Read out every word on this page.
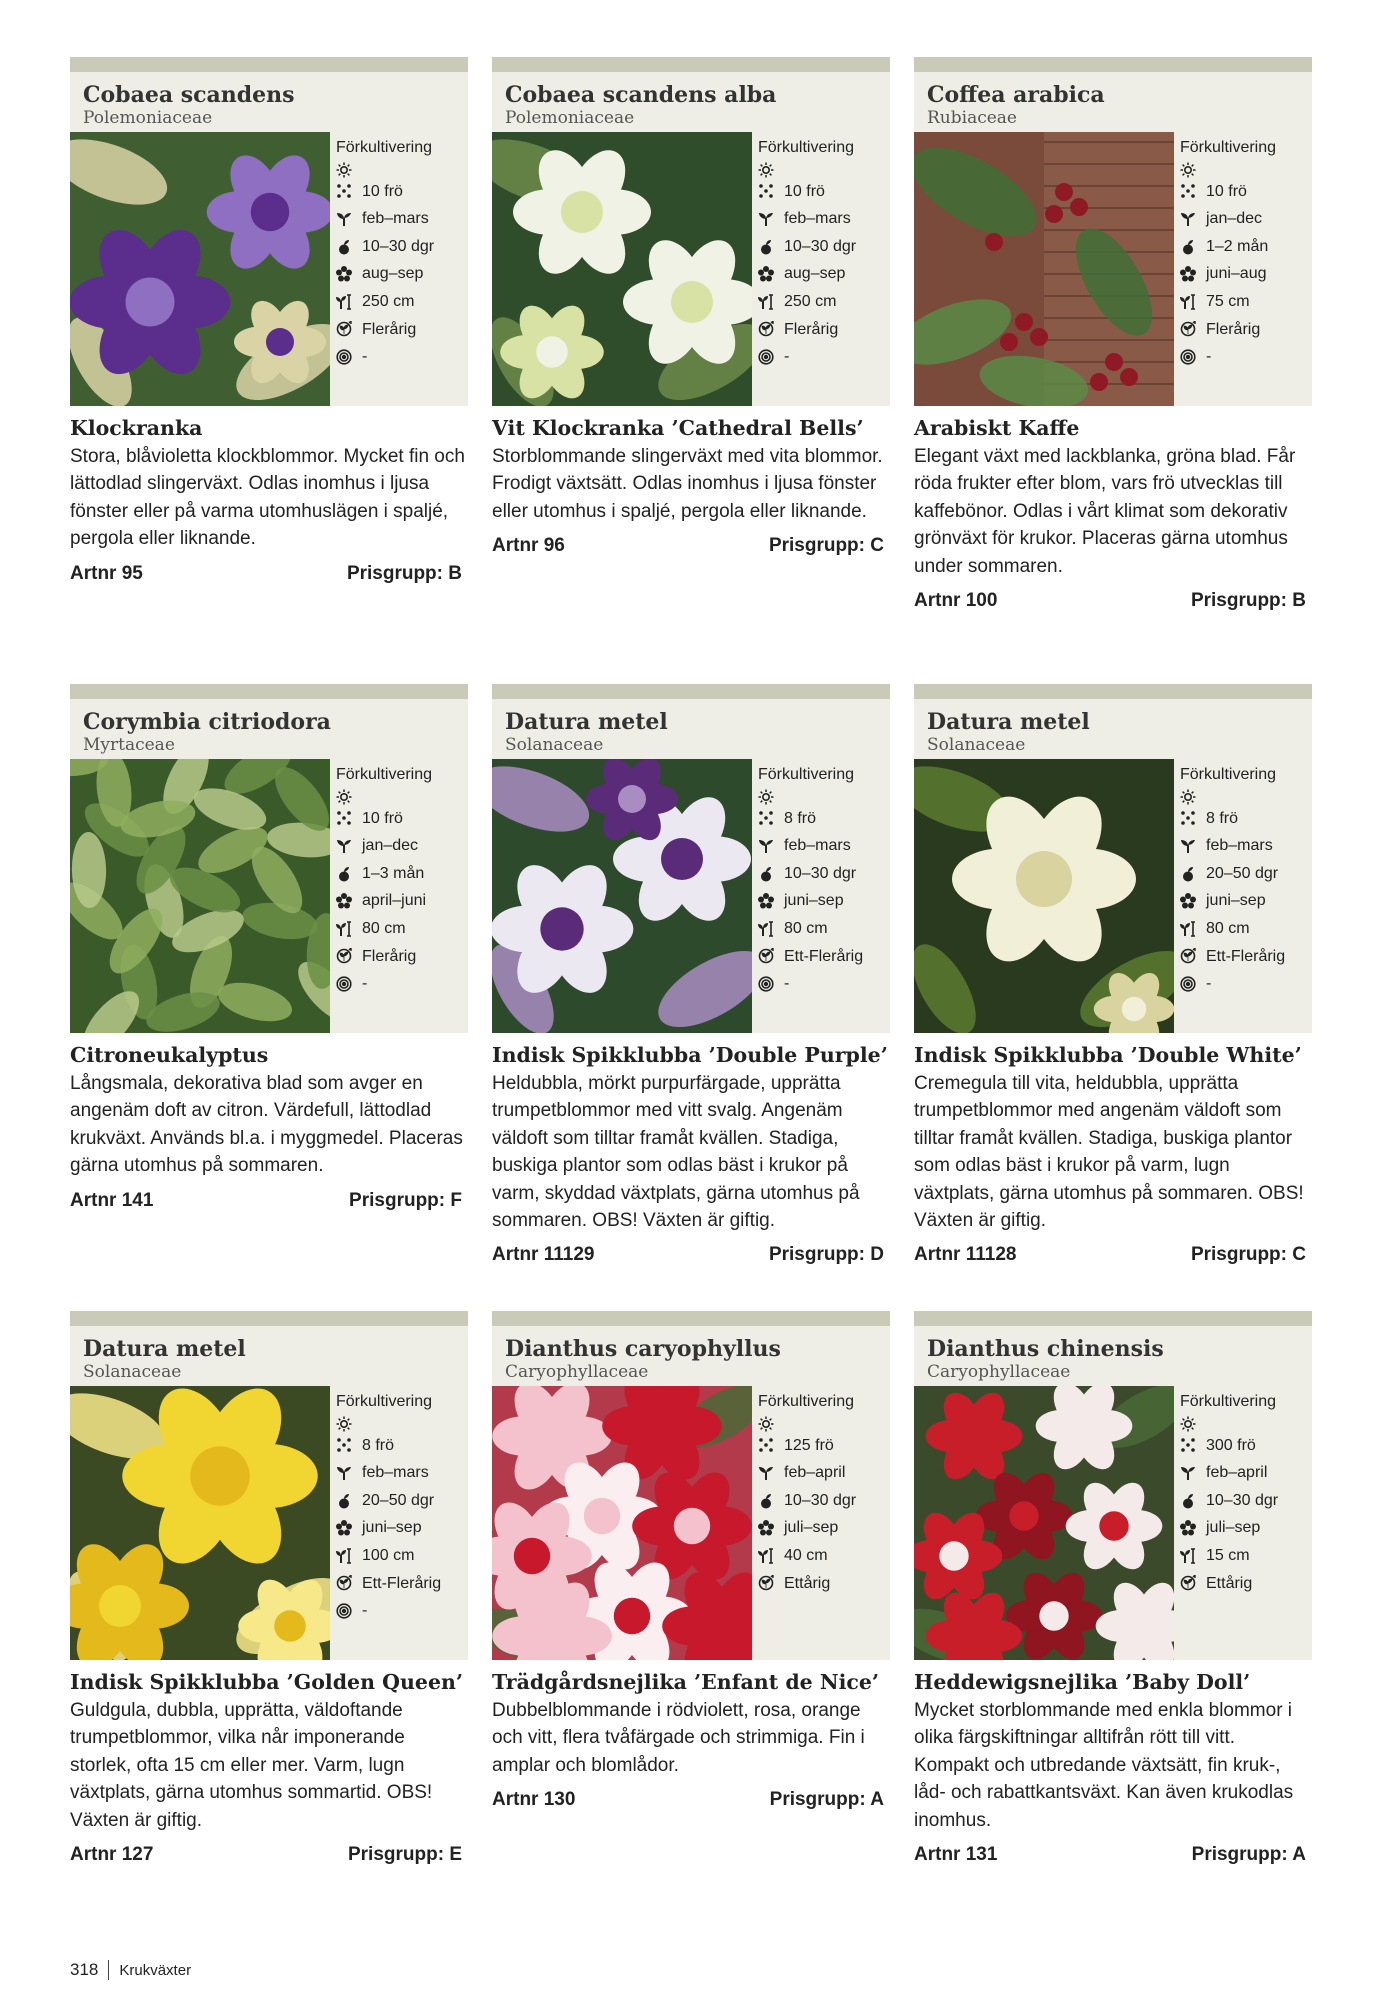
Cobaea scandens
Polemoniaceae
Förkultivering
10 frö
feb–mars
10–30 dgr
aug–sep
250 cm
Flerårig
-
Klockranka
Stora, blåvioletta klockblommor. Mycket fin och lättodlad slingerväxt. Odlas inomhus i ljusa fönster eller på varma utomhuslägen i spaljé, pergola eller liknande.
Artnr 95	Prisgrupp: B
Cobaea scandens alba
Polemoniaceae
Förkultivering
10 frö
feb–mars
10–30 dgr
aug–sep
250 cm
Flerårig
-
Vit Klockranka ’Cathedral Bells’
Storblommande slingerväxt med vita blommor. Frodigt växtsätt. Odlas inomhus i ljusa fönster eller utomhus i spaljé, pergola eller liknande.
Artnr 96	Prisgrupp: C
Coffea arabica
Rubiaceae
Förkultivering
10 frö
jan–dec
1–2 mån
juni–aug
75 cm
Flerårig
-
Arabiskt Kaffe
Elegant växt med lackblanka, gröna blad. Får röda frukter efter blom, vars frö utvecklas till kaffebönor. Odlas i vårt klimat som dekorativ grönväxt för krukor. Placeras gärna utomhus under sommaren.
Artnr 100	Prisgrupp: B
Corymbia citriodora
Myrtaceae
Förkultivering
10 frö
jan–dec
1–3 mån
april–juni
80 cm
Flerårig
-
Citroneukalyptus
Långsmala, dekorativa blad som avger en angenäm doft av citron. Värdefull, lättodlad krukväxt. Används bl.a. i myggmedel. Placeras gärna utomhus på sommaren.
Artnr 141	Prisgrupp: F
Datura metel
Solanaceae
Förkultivering
8 frö
feb–mars
10–30 dgr
juni–sep
80 cm
Ett-Flerårig
-
Indisk Spikklubba ’Double Purple’
Heldubbla, mörkt purpurfärgade, upprätta trumpetblommor med vitt svalg. Angenäm väldoft som tilltar framåt kvällen. Stadiga, buskiga plantor som odlas bäst i krukor på varm, skyddad växtplats, gärna utomhus på sommaren. OBS! Växten är giftig.
Artnr 11129	Prisgrupp: D
Datura metel
Solanaceae
Förkultivering
8 frö
feb–mars
20–50 dgr
juni–sep
80 cm
Ett-Flerårig
-
Indisk Spikklubba ’Double White’
Cremegula till vita, heldubbla, upprätta trumpetblommor med angenäm väldoft som tilltar framåt kvällen. Stadiga, buskiga plantor som odlas bäst i krukor på varm, lugn växtplats, gärna utomhus på sommaren. OBS! Växten är giftig.
Artnr 11128	Prisgrupp: C
Datura metel
Solanaceae
Förkultivering
8 frö
feb–mars
20–50 dgr
juni–sep
100 cm
Ett-Flerårig
-
Indisk Spikklubba ’Golden Queen’
Guldgula, dubbla, upprätta, väldoftande trumpetblommor, vilka når imponerande storlek, ofta 15 cm eller mer. Varm, lugn växtplats, gärna utomhus sommartid. OBS! Växten är giftig.
Artnr 127	Prisgrupp: E
Dianthus caryophyllus
Caryophyllaceae
Förkultivering
125 frö
feb–april
10–30 dgr
juli–sep
40 cm
Ettårig
Trädgårdsnejlika ’Enfant de Nice’
Dubbelblommande i rödviolett, rosa, orange och vitt, flera tvåfärgade och strimmiga. Fin i amplar och blomlådor.
Artnr 130	Prisgrupp: A
Dianthus chinensis
Caryophyllaceae
Förkultivering
300 frö
feb–april
10–30 dgr
juli–sep
15 cm
Ettårig
Heddewigsnejlika ’Baby Doll’
Mycket storblommande med enkla blommor i olika färgskiftningar alltifrån rött till vitt. Kompakt och utbredande växtsätt, fin kruk-, låd- och rabattkantsväxt. Kan även krukodlas inomhus.
Artnr 131	Prisgrupp: A
318 Krukväxter
